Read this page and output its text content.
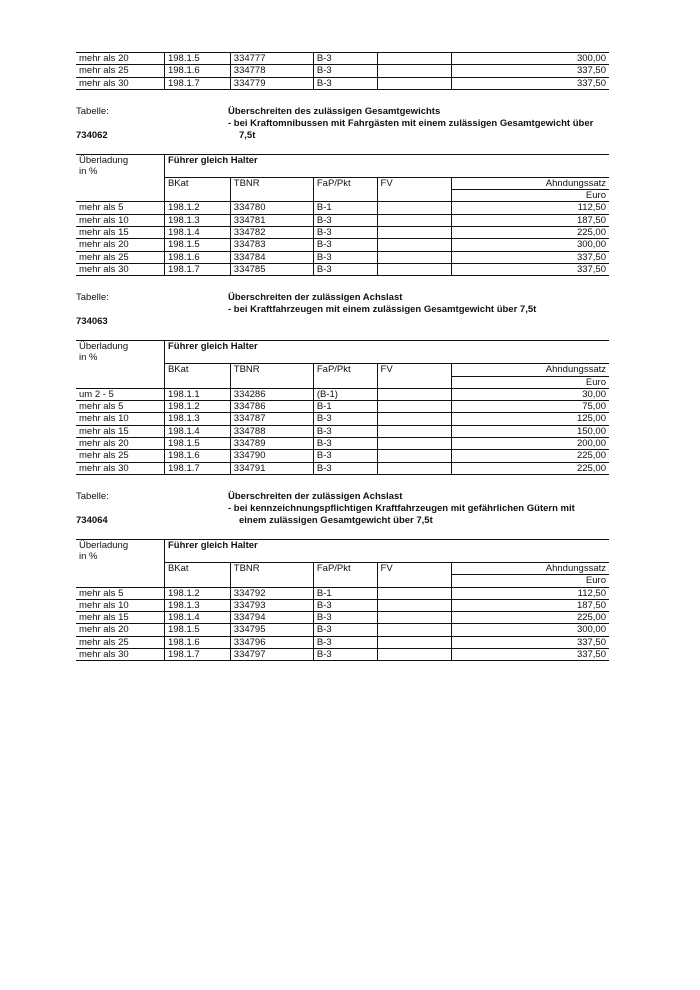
mehr als 20	198.1.5	334777	B-3		300,00
mehr als 25	198.1.6	334778	B-3		337,50
mehr als 30	198.1.7	334779	B-3		337,50
Tabelle:
734062
Überschreiten des zulässigen Gesamtgewichts
- bei Kraftomnibussen mit Fahrgästen mit einem zulässigen Gesamtgewicht über
7,5t
Überladung
in %	Führer gleich Halter				
	BKat	TBNR	FaP/Pkt	FV	Ahndungssatz
					Euro
mehr als 5	198.1.2	334780	B-1		112,50
mehr als 10	198.1.3	334781	B-3		187,50
mehr als 15	198.1.4	334782	B-3		225,00
mehr als 20	198.1.5	334783	B-3		300,00
mehr als 25	198.1.6	334784	B-3		337,50
mehr als 30	198.1.7	334785	B-3		337,50
Tabelle:
734063
Überschreiten der zulässigen Achslast
- bei Kraftfahrzeugen mit einem zulässigen Gesamtgewicht über 7,5t
Überladung
in %	Führer gleich Halter				
	BKat	TBNR	FaP/Pkt	FV	Ahndungssatz
					Euro
um 2 - 5	198.1.1	334286	(B-1)		30,00
mehr als 5	198.1.2	334786	B-1		75,00
mehr als 10	198.1.3	334787	B-3		125,00
mehr als 15	198.1.4	334788	B-3		150,00
mehr als 20	198.1.5	334789	B-3		200,00
mehr als 25	198.1.6	334790	B-3		225,00
mehr als 30	198.1.7	334791	B-3		225,00
Tabelle:
734064
Überschreiten der zulässigen Achslast
- bei kennzeichnungspflichtigen Kraftfahrzeugen mit gefährlichen Gütern mit
einem zulässigen Gesamtgewicht über 7,5t
Überladung
in %	Führer gleich Halter				
	BKat	TBNR	FaP/Pkt	FV	Ahndungssatz
					Euro
mehr als 5	198.1.2	334792	B-1		112,50
mehr als 10	198.1.3	334793	B-3		187,50
mehr als 15	198.1.4	334794	B-3		225,00
mehr als 20	198.1.5	334795	B-3		300,00
mehr als 25	198.1.6	334796	B-3		337,50
mehr als 30	198.1.7	334797	B-3		337,50
